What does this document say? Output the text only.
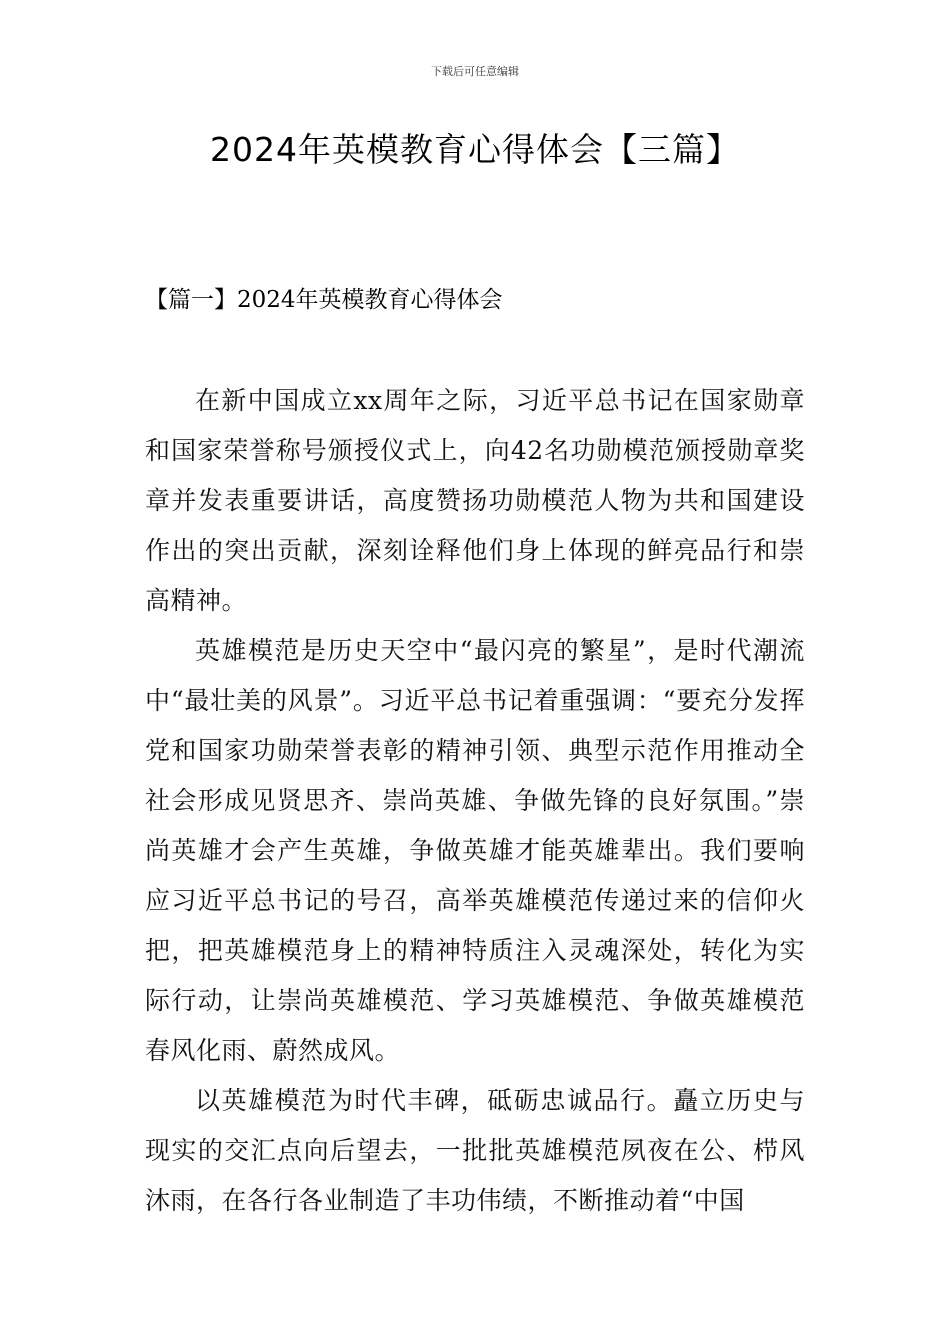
下载后可任意编辑
2024年英模教育心得体会【三篇】
【篇一】2024年英模教育心得体会

在新中国成立xx周年之际，习近平总书记在国家勋章和国家荣誉称号颁授仪式上，向42名功勋模范颁授勋章奖章并发表重要讲话，高度赞扬功勋模范人物为共和国建设作出的突出贡献，深刻诠释他们身上体现的鲜亮品行和崇高精神。

英雄模范是历史天空中“最闪亮的繁星”，是时代潮流中“最壮美的风景”。习近平总书记着重强调：“要充分发挥党和国家功勋荣誉表彰的精神引领、典型示范作用推动全社会形成见贤思齐、崇尚英雄、争做先锋的良好氛围。”崇尚英雄才会产生英雄，争做英雄才能英雄辈出。我们要响应习近平总书记的号召，高举英雄模范传递过来的信仰火把，把英雄模范身上的精神特质注入灵魂深处，转化为实际行动，让崇尚英雄模范、学习英雄模范、争做英雄模范春风化雨、蔚然成风。

以英雄模范为时代丰碑，砥砺忠诚品行。矗立历史与现实的交汇点向后望去，一批批英雄模范夙夜在公、栉风沐雨，在各行各业制造了丰功伟绩，不断推动着“中国
